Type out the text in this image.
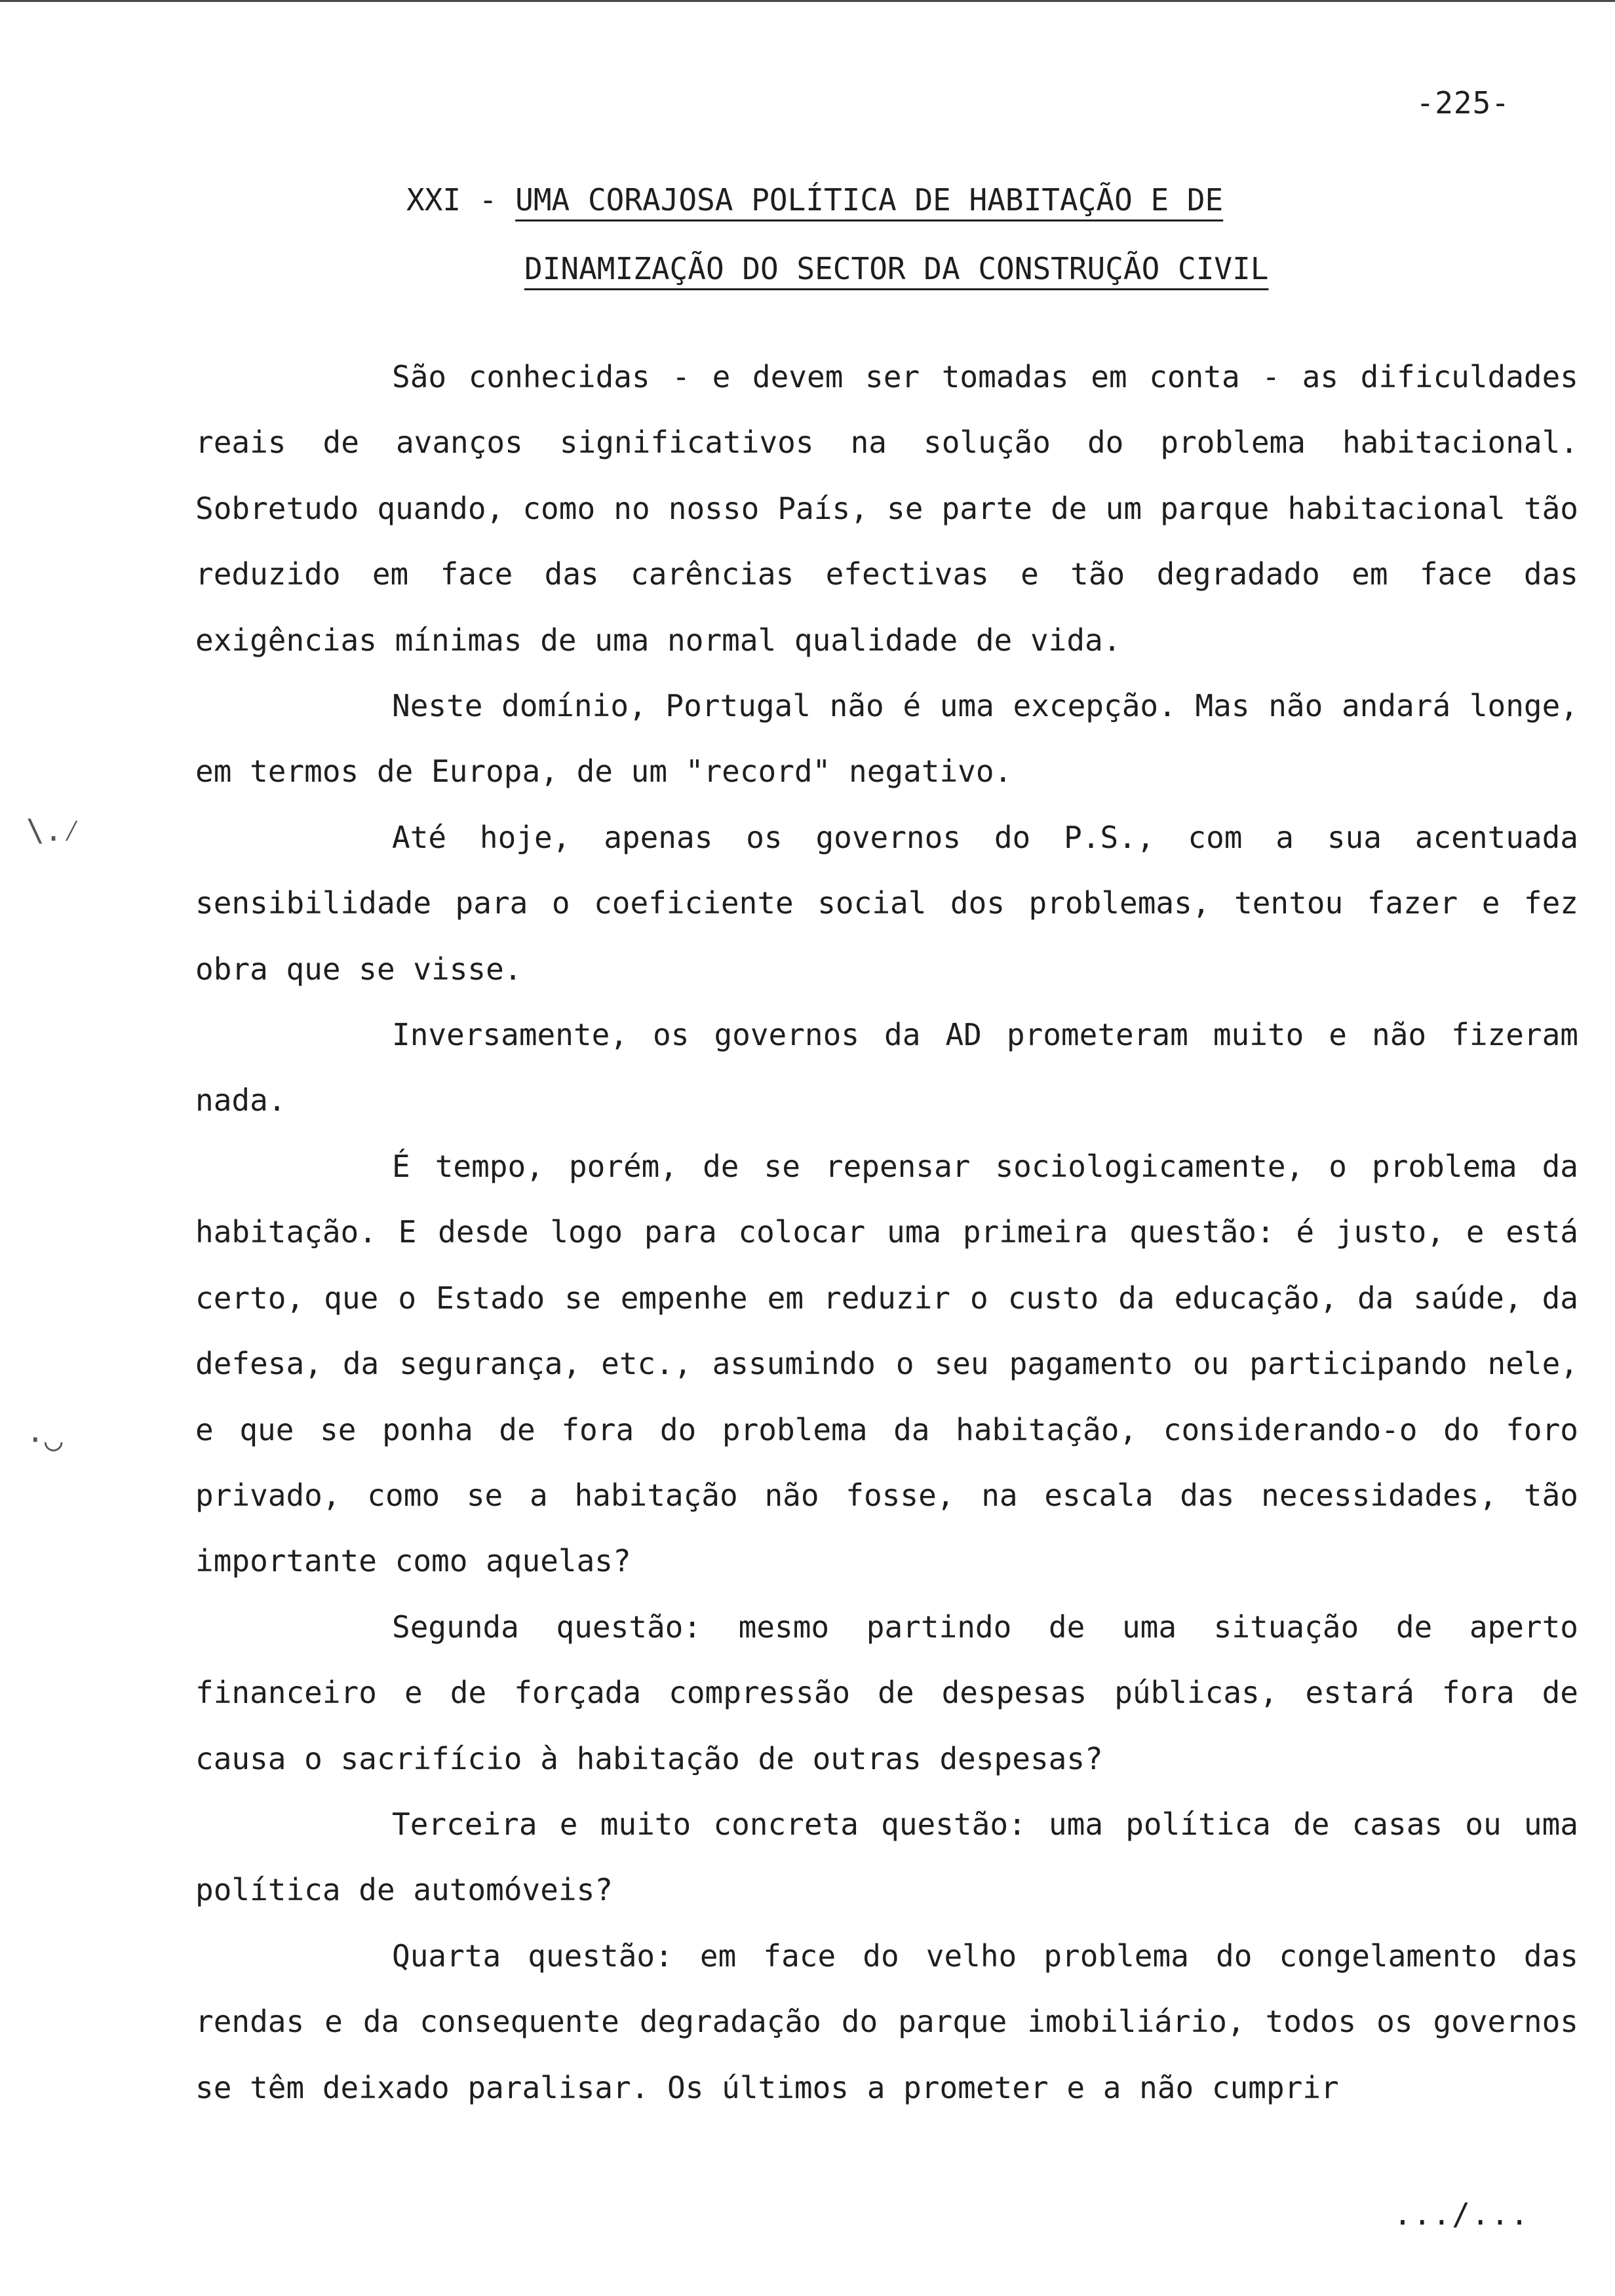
-225-
XXI - UMA CORAJOSA POLÍTICA DE HABITAÇÃO E DE
DINAMIZAÇÃO DO SECTOR DA CONSTRUÇÃO CIVIL

São conhecidas - e devem ser tomadas em conta - as dificuldades reais de avanços significativos na solução do problema habitacional. Sobretudo quando, como no nosso País, se parte de um parque habitacional tão reduzido em face das carências efectivas e tão degradado em face das exigências mínimas de uma normal qualidade de vida.

Neste domínio, Portugal não é uma excepção. Mas não andará longe, em termos de Europa, de um "record" negativo.

Até hoje, apenas os governos do P.S., com a sua acentuada sensibilidade para o coeficiente social dos problemas, tentou fazer e fez obra que se visse.

Inversamente, os governos da AD prometeram muito e não fizeram nada.

É tempo, porém, de se repensar sociologicamente, o problema da habitação. E desde logo para colocar uma primeira questão: é justo, e está certo, que o Estado se empenhe em reduzir o custo da educação, da saúde, da defesa, da segurança, etc., assumindo o seu pagamento ou participando nele, e que se ponha de fora do problema da habitação, considerando-o do foro privado, como se a habitação não fosse, na escala das necessidades, tão importante como aquelas?

Segunda questão: mesmo partindo de uma situação de aperto financeiro e de forçada compressão de despesas públicas, estará fora de causa o sacrifício à habitação de outras despesas?

Terceira e muito concreta questão: uma política de casas ou uma política de automóveis?

Quarta questão: em face do velho problema do congelamento das rendas e da consequente degradação do parque imobiliário, todos os governos se têm deixado paralisar. Os últimos a prometer e a não cumprir

.../...
\.⁄
·◡
